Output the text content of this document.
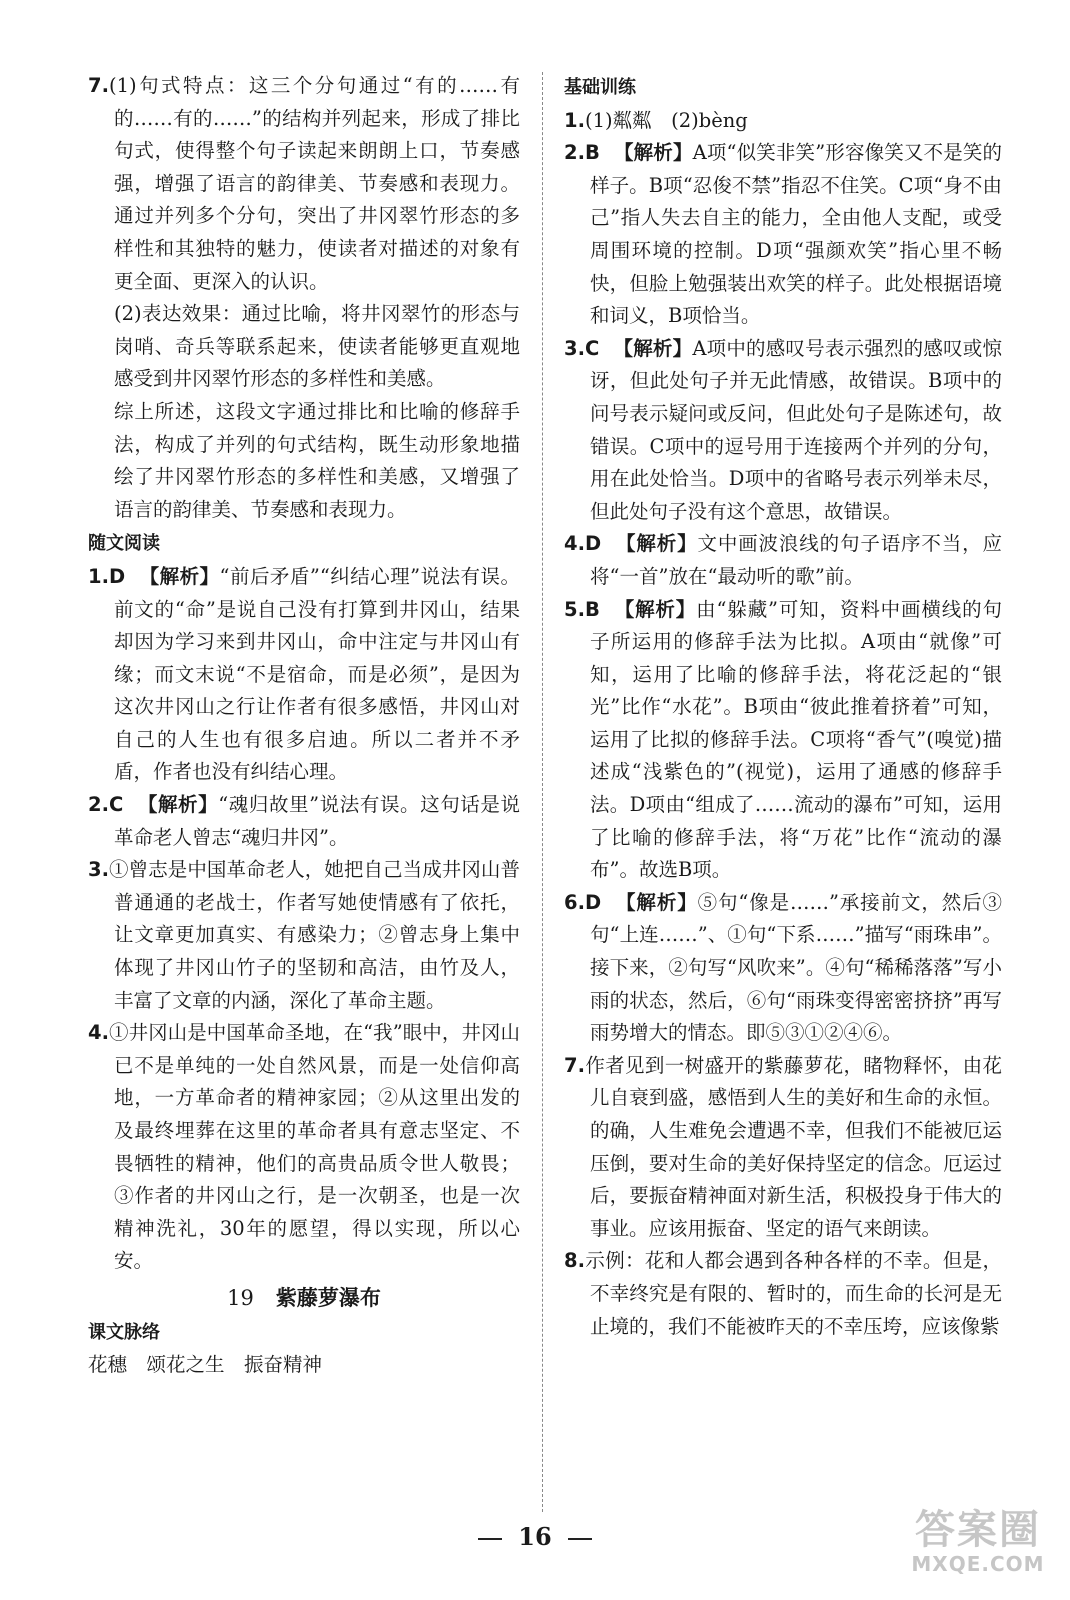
7.(1)句式特点：这三个分句通过“有的……有的……有的……”的结构并列起来，形成了排比句式，使得整个句子读起来朗朗上口，节奏感强，增强了语言的韵律美、节奏感和表现力。通过并列多个分句，突出了井冈翠竹形态的多样性和其独特的魅力，使读者对描述的对象有更全面、更深入的认识。

(2)表达效果：通过比喻，将井冈翠竹的形态与岗哨、奇兵等联系起来，使读者能够更直观地感受到井冈翠竹形态的多样性和美感。

综上所述，这段文字通过排比和比喻的修辞手法，构成了并列的句式结构，既生动形象地描绘了井冈翠竹形态的多样性和美感，又增强了语言的韵律美、节奏感和表现力。

随文阅读

1.D 【解析】“前后矛盾”“纠结心理”说法有误。前文的“命”是说自己没有打算到井冈山，结果却因为学习来到井冈山，命中注定与井冈山有缘；而文末说“不是宿命，而是必须”，是因为这次井冈山之行让作者有很多感悟，井冈山对自己的人生也有很多启迪。所以二者并不矛盾，作者也没有纠结心理。

2.C 【解析】“魂归故里”说法有误。这句话是说革命老人曾志“魂归井冈”。

3.①曾志是中国革命老人，她把自己当成井冈山普普通通的老战士，作者写她使情感有了依托，让文章更加真实、有感染力；②曾志身上集中体现了井冈山竹子的坚韧和高洁，由竹及人，丰富了文章的内涵，深化了革命主题。

4.①井冈山是中国革命圣地，在“我”眼中，井冈山已不是单纯的一处自然风景，而是一处信仰高地，一方革命者的精神家园；②从这里出发的及最终埋葬在这里的革命者具有意志坚定、不畏牺牲的精神，他们的高贵品质令世人敬畏；③作者的井冈山之行，是一次朝圣，也是一次精神洗礼，30年的愿望，得以实现，所以心安。

19 紫藤萝瀑布

课文脉络

花穗　颂花之生　振奋精神

基础训练

1.(1)粼粼　(2)bèng

2.B 【解析】A项“似笑非笑”形容像笑又不是笑的样子。B项“忍俊不禁”指忍不住笑。C项“身不由己”指人失去自主的能力，全由他人支配，或受周围环境的控制。D项“强颜欢笑”指心里不畅快，但脸上勉强装出欢笑的样子。此处根据语境和词义，B项恰当。

3.C 【解析】A项中的感叹号表示强烈的感叹或惊讶，但此处句子并无此情感，故错误。B项中的问号表示疑问或反问，但此处句子是陈述句，故错误。C项中的逗号用于连接两个并列的分句，用在此处恰当。D项中的省略号表示列举未尽，但此处句子没有这个意思，故错误。

4.D 【解析】文中画波浪线的句子语序不当，应将“一首”放在“最动听的歌”前。

5.B 【解析】由“躲藏”可知，资料中画横线的句子所运用的修辞手法为比拟。A项由“就像”可知，运用了比喻的修辞手法，将花泛起的“银光”比作“水花”。B项由“彼此推着挤着”可知，运用了比拟的修辞手法。C项将“香气”(嗅觉)描述成“浅紫色的”(视觉)，运用了通感的修辞手法。D项由“组成了……流动的瀑布”可知，运用了比喻的修辞手法，将“万花”比作“流动的瀑布”。故选B项。

6.D 【解析】⑤句“像是……”承接前文，然后③句“上连……”、①句“下系……”描写“雨珠串”。接下来，②句写“风吹来”。④句“稀稀落落”写小雨的状态，然后，⑥句“雨珠变得密密挤挤”再写雨势增大的情态。即⑤③①②④⑥。

7.作者见到一树盛开的紫藤萝花，睹物释怀，由花儿自衰到盛，感悟到人生的美好和生命的永恒。的确，人生难免会遭遇不幸，但我们不能被厄运压倒，要对生命的美好保持坚定的信念。厄运过后，要振奋精神面对新生活，积极投身于伟大的事业。应该用振奋、坚定的语气来朗读。

8.示例：花和人都会遇到各种各样的不幸。但是，不幸终究是有限的、暂时的，而生命的长河是无止境的，我们不能被昨天的不幸压垮，应该像紫

16	答案圈
MXQE.COM
